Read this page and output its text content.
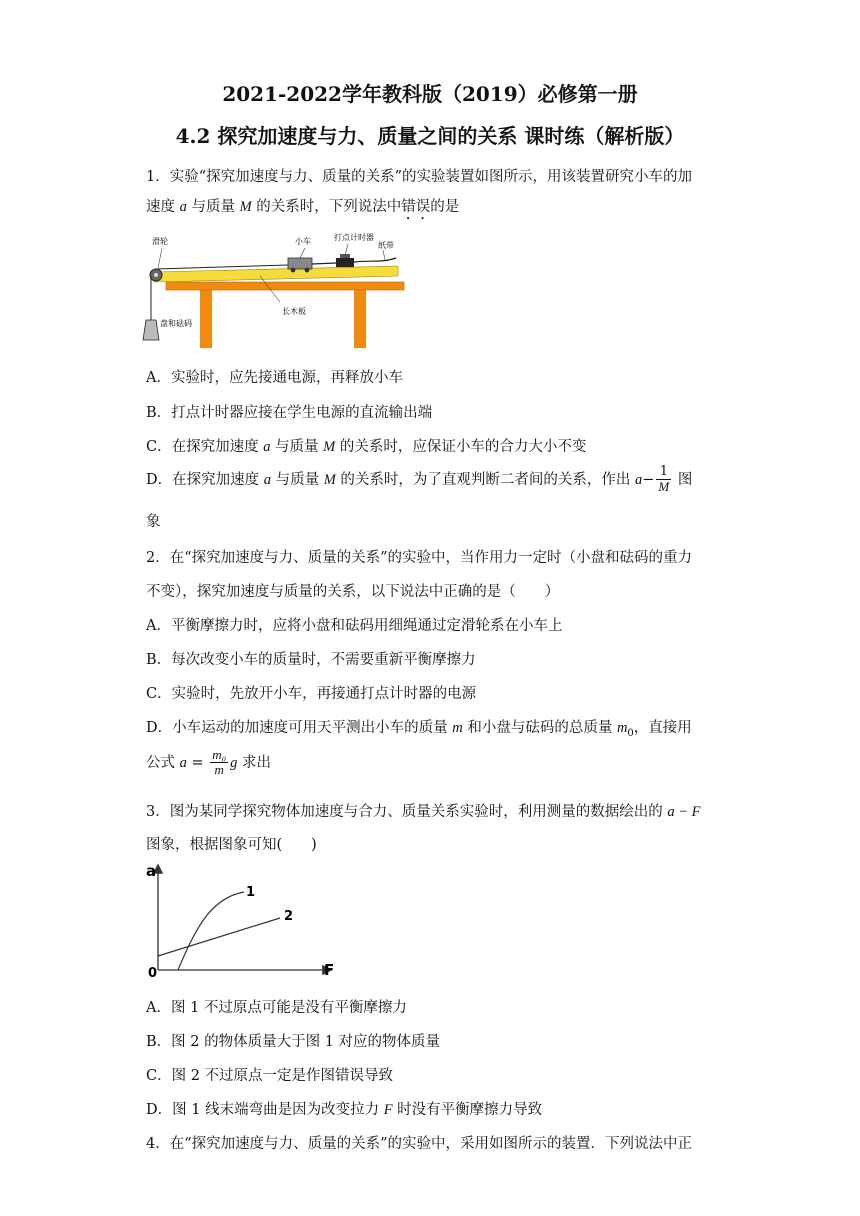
2021-2022学年教科版（2019）必修第一册
4.2 探究加速度与力、质量之间的关系 课时练（解析版）
1．实验“探究加速度与力、质量的关系”的实验装置如图所示，用该装置研究小车的加
速度 a 与质量 M 的关系时，下列说法中错误的是
滑轮	小车	打点计时器
纸带
长木板
盘和砝码
A．实验时，应先接通电源，再释放小车
B．打点计时器应接在学生电源的直流输出端
C．在探究加速度 a 与质量 M 的关系时，应保证小车的合力大小不变
D．在探究加速度 a 与质量 M 的关系时，为了直观判断二者间的关系，作出 $a- \frac{1}{M}$ 图
象
2．在“探究加速度与力、质量的关系”的实验中，当作用力一定时（小盘和砝码的重力
不变），探究加速度与质量的关系，以下说法中正确的是（　　）
A．平衡摩擦力时，应将小盘和砝码用细绳通过定滑轮系在小车上
B．每次改变小车的质量时，不需要重新平衡摩擦力
C．实验时，先放开小车，再接通打点计时器的电源
D．小车运动的加速度可用天平测出小车的质量 m 和小盘与砝码的总质量 $m_0$，直接用
公式 $a = \frac{\text{m₀}}{m}$ g 求出
3．图为某同学探究物体加速度与合力、质量关系实验时，利用测量的数据绘出的 a − F
图象，根据图象可知(　　)
a
F
0
1
2
A．图 1 不过原点可能是没有平衡摩擦力
B．图 2 的物体质量大于图 1 对应的物体质量
C．图 2 不过原点一定是作图错误导致
D．图 1 线末端弯曲是因为改变拉力 F 时没有平衡摩擦力导致
4．在“探究加速度与力、质量的关系”的实验中，采用如图所示的装置．下列说法中正
